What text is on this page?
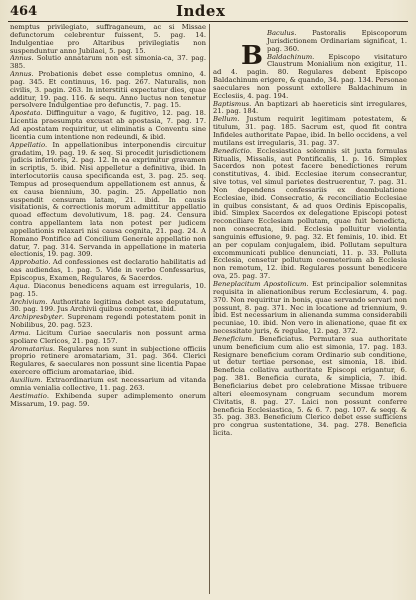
464	Index

nemptus privilegiato, suffraganeum, ac si Missae defunctorum celebrentur fuissent, 5. pag. 14. Indulgentiae pro Altaribus privilegiatis non suspenduntur anno Jubilaei, 5. pag. 15.

Annus. Solutio annatarum non est simonia-ca, 37. pag. 385.

Annus. Probationis debet esse completus omnino, 4. pag. 345. Et continuus, 16. pag. 267. Naturalis, non civilis, 3. pagin. 263. In interstitii expectatur dies, quae additur, 19. pag. 116. & sequ. Anno luctus non tenetur persolvere Indulgentiae pro defunctis, 7. pag. 15.

Apostata. Diffinguitur a vago, & fugitivo, 12. pag. 18. Licentia praesumpta excusat ab apostasia, 7. pag. 17. Ad apostatam requiritur, ut eliminatis a Conventu sine licentia cum intentione non redeundi, & ibid.

Appellatio. In appellationibus interponendis circuitur gradatim, 19. pag. 19. & seq. Si procedit jurisdictionem judicis inferioris, 2. pag. 12. In ea exprimitur gravamen in scriptis, 5. ibid. Nisi appelletur a definitiva, ibid. In interlocutoriis causa specificanda est, 3. pag. 25. seq. Tempus ad prosequendum appellationem est annus, & ex causa biennium, 30. pagin. 25. Appellatio non suspendit censuram latam, 21. ibid. In causis visitationis, & correctionis morum admittitur appellatio quoad effectum devolutivum, 18. pag. 24. Censura contra appellantem lata non potest per judicem appellationis relaxari nisi causa cognita, 21. pag. 24. A Romano Pontifice ad Concilium Generale appellatio non datur, 7. pag. 314. Servanda in appellatione in materia electionis, 19. pag. 309.

Approbatio. Ad confessiones est declaratio habilitatis ad eas audiendas, 1. pag. 5. Vide in verbo Confessarius, Episcopus, Examen, Regulares, & Sacerdos.

Aqua. Diaconus benedicens aquam est irregularis, 10. pag. 15.

Archivium. Authoritate legitima debet esse deputatum, 30. pag. 199. Jus Archivii quibus competat, ibid.

Archipresbyter. Suprenam regendi potestatem ponit in Nobilibus, 20. pag. 523.

Arma. Licitum Curiae saecularis non possunt arma spoliare Clericos, 21. pag. 157.

Aromatarius. Regulares non sunt in subjectione officiis proprio retinere aromatariam, 31. pag. 364. Clerici Regulares, & saeculares non possunt sine licentia Papae exercere officium aromatariae, ibid.

Auxilium. Extraordinarium est necessarium ad vitanda omnia venialia collective, 11. pag. 263.

Aestimatio. Exhibenda super adimplemento onerum Missarum, 19. pag. 59.

B

Baculus. Pastoralis Episcoporum Jurisdictionem Ordinariam significat, 1. pag. 360.

Baldachinum. Episcopo visitaturo Claustrum Monialium non exigitur, 11. ad 4. pagin. 80. Regulares debent Episcopo Baldachinum erigere, & quando, 34. pag. 134. Personae saeculares non possunt extollere Baldachinum in Ecclesiis, 4. pag. 194.

Baptismus. An baptizari ab haereticis sint irregulares, 21. pag. 184.

Bellum. Justum requirit legitimam potestatem, & titulum, 31. pag. 185. Sacrum est, quod fit contra Infideles authoritate Papae, ibid. In bello occidens, a vel mutilans est irregularis, 31. pag. 37.

Benedictio. Ecclesiastica solemnis sit juxta formulas Ritualis, Missalis, aut Pontificalis, 1. p. 16. Simplex Sacerdos non potest facere benedictiones rerum constitutivas, 4. ibid. Ecclesiae iterum consecrantur, sive totus, vel simul parietes destruerentur, 7. pag. 31. Non dependens confessariis ex deambulatione Ecclesiae, ibid. Consecratio, & reconciliatio Ecclesiae in quibus consistant, & ad quos Ordinis Episcopalis, ibid. Simplex Sacerdos ex delegatione Episcopi potest reconciliare Ecclesiam pollutam, quae fuit benedicta, non consecrata, ibid. Ecclesia polluitur violentia sanguinis effusione, 9. pag. 32. Et feminis, 10. ibid. Et an per copulam conjugalem, ibid. Pollutam sepultura excommunicati publice denunciati, 11. p. 33. Polluta Ecclesia, censetur pollutum coemeterium ab Ecclesia non remotum, 12. ibid. Regulares possunt benedicere ova, 25. pag. 37.

Beneplacitum Apostolicum. Est principalior solemnitas requisita in alienationibus rerum Ecclesiarum, 4. pag. 370. Non requiritur in bonis, quae servando servari non possunt, 8. pag. 371. Nec in locatione ad triennium, 9. ibid. Est necessarium in alienanda summa considerabili pecuniae, 10. ibid. Non vero in alienatione, quae fit ex necessitate juris, & regulae, 12. pag. 372.

Beneficium. Beneficiatus. Permutare sua authoritate unum beneficium cum alio est simonia, 17. pag. 183. Resignare beneficium coram Ordinario sub conditione, ut detur tertiae personae, est simonia, 18. ibid. Beneficia collativa authoritate Episcopi erigantur, 6. pag. 381. Beneficia curata, & simplicia, 7. ibid. Beneficiarius debet pro celebratione Missae tribuere alteri eleemosynam congruam secundum morem Civitatis, 8. pag. 27. Laici non possunt conferre beneficia Ecclesiastica, 5. & 6. 7. pag. 107. & seqq. & 35. pag. 383. Beneficium Clerico debet esse sufficiens pro congrua sustentatione, 34. pag. 278. Beneficia licita.
